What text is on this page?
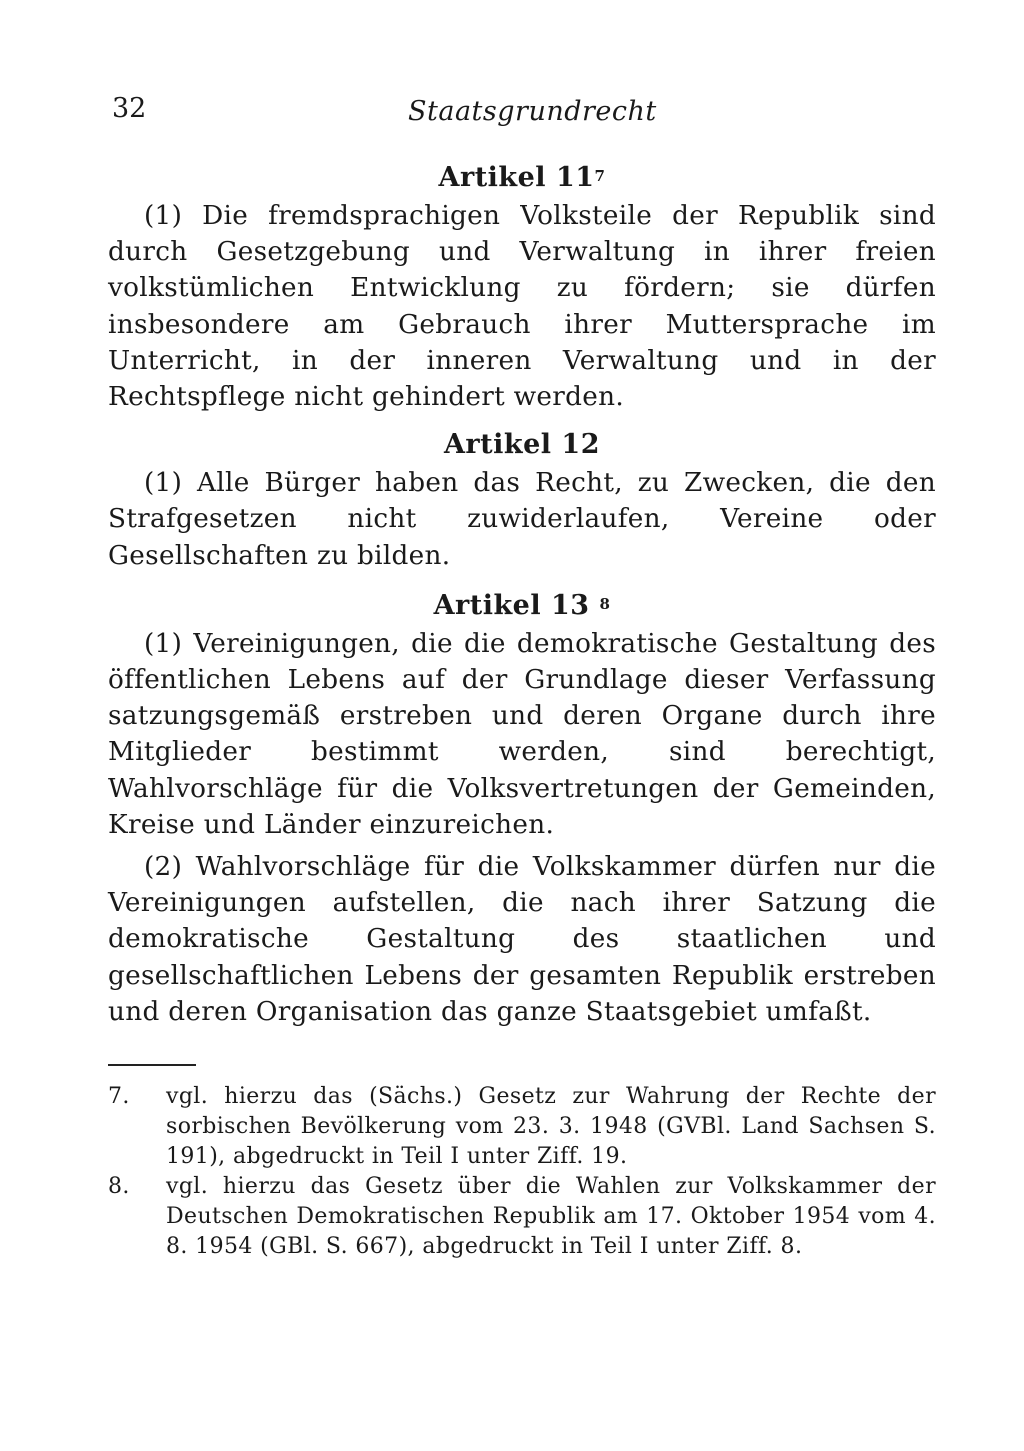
32	Staatsgrundrecht
Artikel $11^7$

(1) Die fremdsprachigen Volksteile der Republik sind durch Gesetzgebung und Verwaltung in ihrer freien volkstümlichen Entwicklung zu fördern; sie dürfen insbesondere am Gebrauch ihrer Muttersprache im Unterricht, in der inneren Verwaltung und in der Rechtspflege nicht gehindert werden.

Artikel 12

(1) Alle Bürger haben das Recht, zu Zwecken, die den Strafgesetzen nicht zuwiderlaufen, Vereine oder Gesellschaften zu bilden.

Artikel 13 $^8$

(1) Vereinigungen, die die demokratische Gestaltung des öffentlichen Lebens auf der Grundlage dieser Verfassung satzungsgemäß erstreben und deren Organe durch ihre Mitglieder bestimmt werden, sind berechtigt, Wahlvorschläge für die Volksvertretungen der Gemeinden, Kreise und Länder einzureichen.

(2) Wahlvorschläge für die Volkskammer dürfen nur die Vereinigungen aufstellen, die nach ihrer Satzung die demokratische Gestaltung des staatlichen und gesellschaftlichen Lebens der gesamten Republik erstreben und deren Organisation das ganze Staatsgebiet umfaßt.

7. vgl. hierzu das (Sächs.) Gesetz zur Wahrung der Rechte der sorbischen Bevölkerung vom 23. 3. 1948 (GVBl. Land Sachsen S. 191), abgedruckt in Teil I unter Ziff. 19.

8. vgl. hierzu das Gesetz über die Wahlen zur Volkskammer der Deutschen Demokratischen Republik am 17. Oktober 1954 vom 4. 8. 1954 (GBl. S. 667), abgedruckt in Teil I unter Ziff. 8.
